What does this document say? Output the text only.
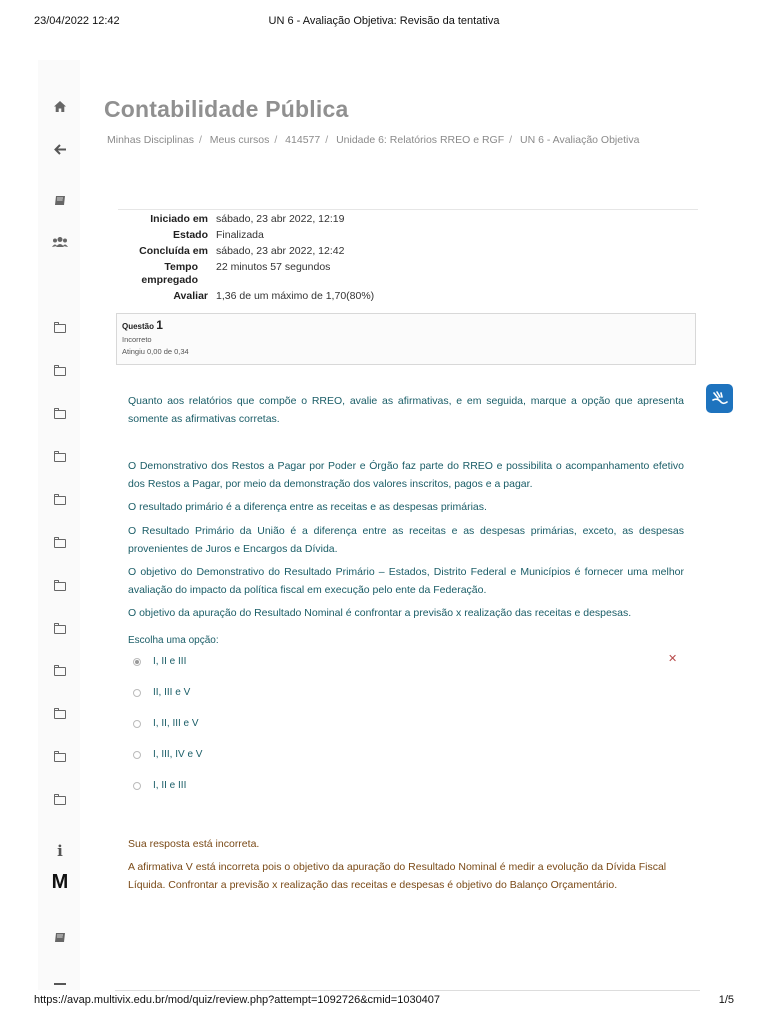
23/04/2022 12:42	UN 6 - Avaliação Objetiva: Revisão da tentativa
i
M
Contabilidade Pública
Minhas Disciplinas / Meus cursos / 414577 / Unidade 6: Relatórios RREO e RGF / UN 6 - Avaliação Objetiva
Iniciado em sábado, 23 abr 2022, 12:19
Estado Finalizada
Concluída em sábado, 23 abr 2022, 12:42
Tempo empregado
22 minutos 57 segundos
Avaliar 1,36 de um máximo de 1,70(80%)
Questão 1
Incorreto
Atingiu 0,00 de 0,34
Quanto aos relatórios que compõe o RREO, avalie as afirmativas, e em seguida, marque a opção que apresenta somente as afirmativas corretas.
O Demonstrativo dos Restos a Pagar por Poder e Órgão faz parte do RREO e possibilita o acompanhamento efetivo dos Restos a Pagar, por meio da demonstração dos valores inscritos, pagos e a pagar.
O resultado primário é a diferença entre as receitas e as despesas primárias.
O Resultado Primário da União é a diferença entre as receitas e as despesas primárias, exceto, as despesas provenientes de Juros e Encargos da Dívida.
O objetivo do Demonstrativo do Resultado Primário – Estados, Distrito Federal e Municípios é fornecer uma melhor avaliação do impacto da política fiscal em execução pelo ente da Federação.
O objetivo da apuração do Resultado Nominal é confrontar a previsão x realização das receitas e despesas.
Escolha uma opção:
I, II e III	✕
II, III e V
I, II, III e V
I, III, IV e V
I, II e III
Sua resposta está incorreta.
A afirmativa V está incorreta pois o objetivo da apuração do Resultado Nominal é medir a evolução da Dívida Fiscal Líquida. Confrontar a previsão x realização das receitas e despesas é objetivo do Balanço Orçamentário.
https://avap.multivix.edu.br/mod/quiz/review.php?attempt=1092726&cmid=1030407	1/5
